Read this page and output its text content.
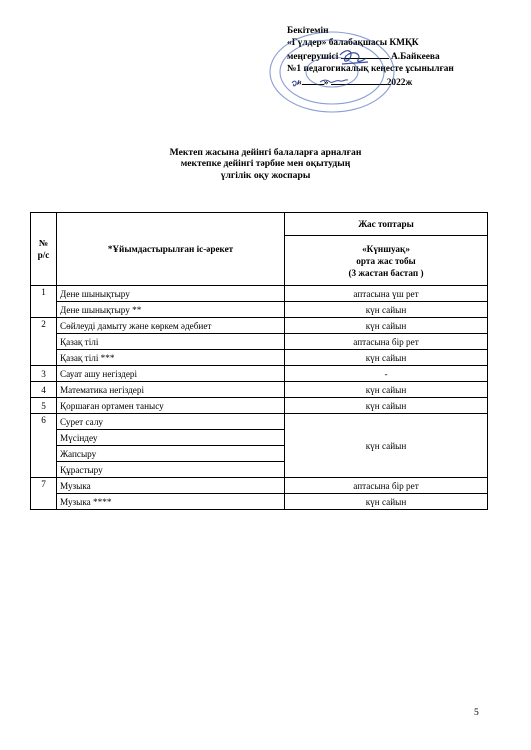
Бекітемін
«Гүлдер» балабақшасы КМҚК
меңгерушісі	А.Байкеева
№1 педагогикалық кеңесте ұсынылған
« »	2022ж
Мектеп жасына дейінгі балаларға арналған
мектепке дейінгі тәрбие мен оқытудың
үлгілік оқу жоспары
№ р/с	*Ұйымдастырылған іс-әрекет	Жас топтары

		«Күншуақ»
орта жас тобы
(3 жастан бастап )

1	Дене шынықтыру	аптасына үш рет
	Дене шынықтыру **	күн сайын
2	Сөйлеуді дамыту және көркем әдебиет	күн сайын
	Қазақ тілі	аптасына бір рет
	Қазақ тілі ***	күн сайын
3	Сауат ашу негіздері	-
4	Математика негіздері	күн сайын
5	Қоршаған ортамен танысу	күн сайын
6	Сурет салу	күн сайын
	Мүсіндеу	
	Жапсыру	
	Құрастыру	
7	Музыка	аптасына бір рет
	Музыка ****	күн сайын
5
